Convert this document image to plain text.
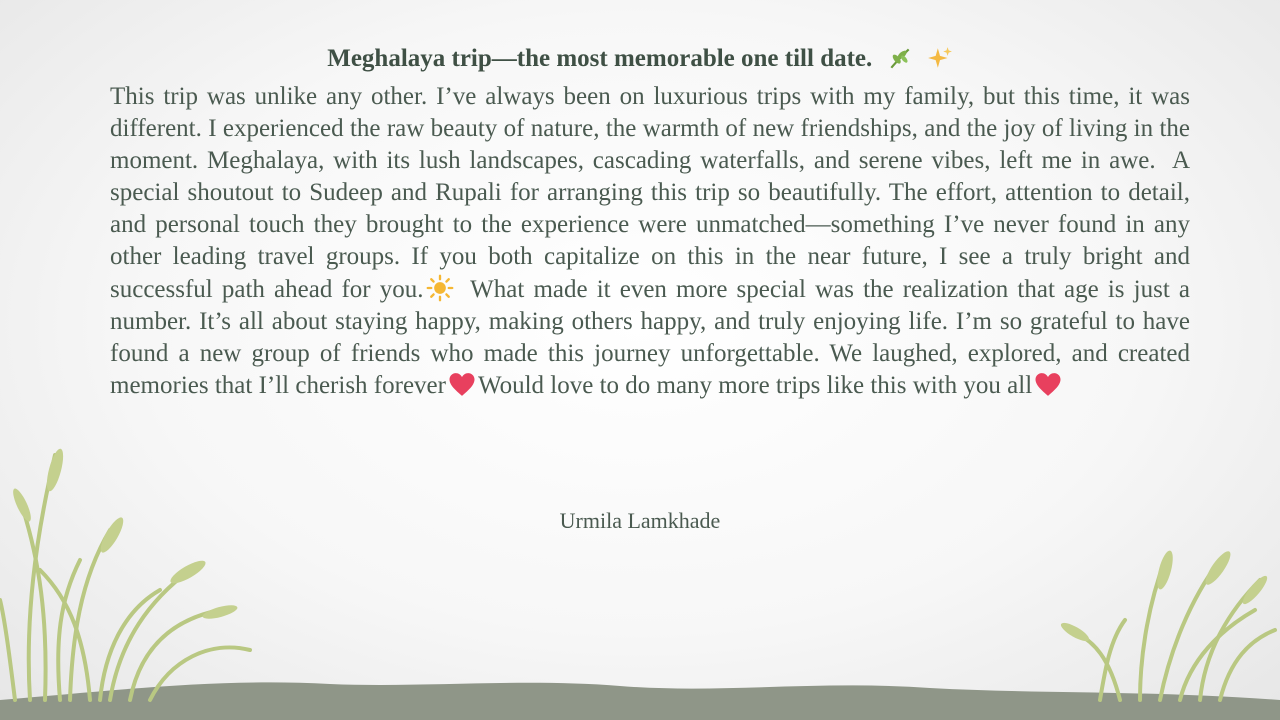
Meghalaya trip—the most memorable one till date.
This trip was unlike any other. I’ve always been on luxurious trips with my family, but this time, it was different. I experienced the raw beauty of nature, the warmth of new friendships, and the joy of living in the moment. Meghalaya, with its lush landscapes, cascading waterfalls, and serene vibes, left me in awe.  A special shoutout to Sudeep and Rupali for arranging this trip so beautifully. The effort, attention to detail, and personal touch they brought to the experience were unmatched—something I’ve never found in any other leading travel groups. If you both capitalize on this in the near future, I see a truly bright and successful path ahead for you. What made it even more special was the realization that age is just a number. It’s all about staying happy, making others happy, and truly enjoying life. I’m so grateful to have found a new group of friends who made this journey unforgettable. We laughed, explored, and created memories that I’ll cherish forever Would love to do many more trips like this with you all
Urmila Lamkhade
